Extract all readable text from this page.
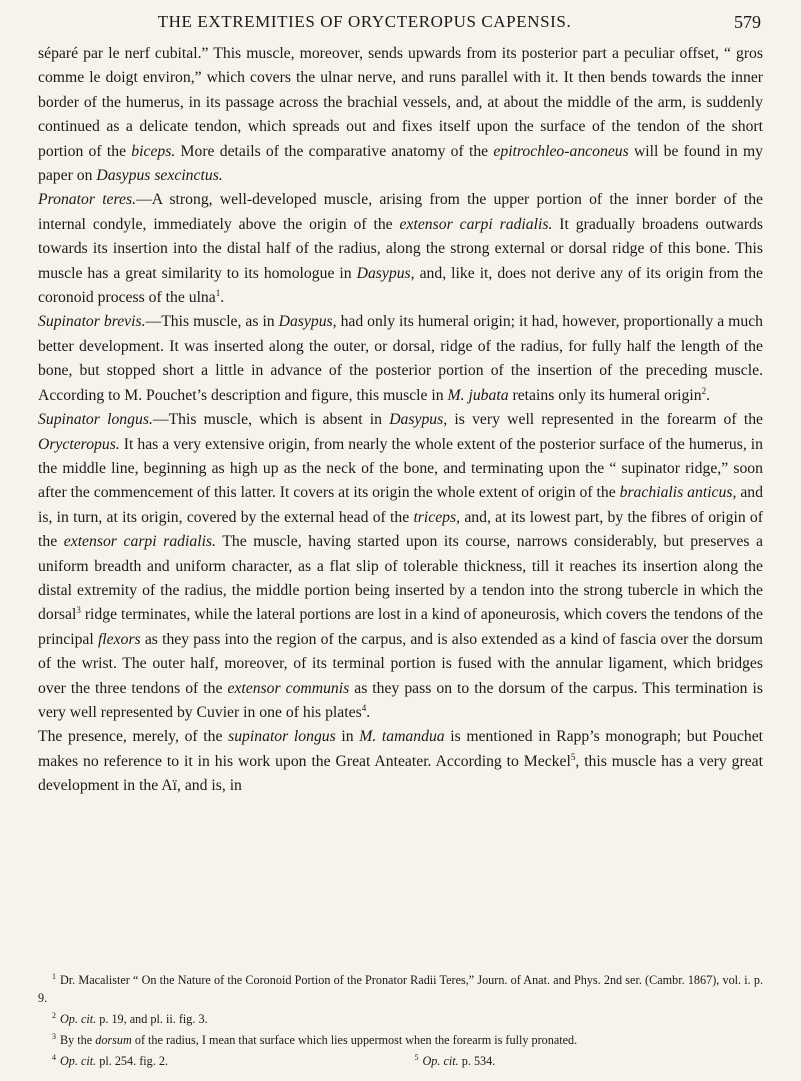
THE EXTREMITIES OF ORYCTEROPUS CAPENSIS.	579

séparé par le nerf cubital.” This muscle, moreover, sends upwards from its posterior part a peculiar offset, “ gros comme le doigt environ,” which covers the ulnar nerve, and runs parallel with it. It then bends towards the inner border of the humerus, in its passage across the brachial vessels, and, at about the middle of the arm, is suddenly continued as a delicate tendon, which spreads out and fixes itself upon the surface of the tendon of the short portion of the biceps. More details of the comparative anatomy of the epitrochleo-anconeus will be found in my paper on Dasypus sexcinctus.

Pronator teres.—A strong, well-developed muscle, arising from the upper portion of the inner border of the internal condyle, immediately above the origin of the extensor carpi radialis. It gradually broadens outwards towards its insertion into the distal half of the radius, along the strong external or dorsal ridge of this bone. This muscle has a great similarity to its homologue in Dasypus, and, like it, does not derive any of its origin from the coronoid process of the ulna$^1$.

Supinator brevis.—This muscle, as in Dasypus, had only its humeral origin; it had, however, proportionally a much better development. It was inserted along the outer, or dorsal, ridge of the radius, for fully half the length of the bone, but stopped short a little in advance of the posterior portion of the insertion of the preceding muscle. According to M. Pouchet’s description and figure, this muscle in M. jubata retains only its humeral origin$^2$.

Supinator longus.—This muscle, which is absent in Dasypus, is very well represented in the forearm of the Orycteropus. It has a very extensive origin, from nearly the whole extent of the posterior surface of the humerus, in the middle line, beginning as high up as the neck of the bone, and terminating upon the “ supinator ridge,” soon after the commencement of this latter. It covers at its origin the whole extent of origin of the brachialis anticus, and is, in turn, at its origin, covered by the external head of the triceps, and, at its lowest part, by the fibres of origin of the extensor carpi radialis. The muscle, having started upon its course, narrows considerably, but preserves a uniform breadth and uniform character, as a flat slip of tolerable thickness, till it reaches its insertion along the distal extremity of the radius, the middle portion being inserted by a tendon into the strong tubercle in which the dorsal$^3$ ridge terminates, while the lateral portions are lost in a kind of aponeurosis, which covers the tendons of the principal flexors as they pass into the region of the carpus, and is also extended as a kind of fascia over the dorsum of the wrist. The outer half, moreover, of its terminal portion is fused with the annular ligament, which bridges over the three tendons of the extensor communis as they pass on to the dorsum of the carpus. This termination is very well represented by Cuvier in one of his plates$^4$.

The presence, merely, of the supinator longus in M. tamandua is mentioned in Rapp’s monograph; but Pouchet makes no reference to it in his work upon the Great Anteater. According to Meckel$^5$, this muscle has a very great development in the Aï, and is, in

$^1$ Dr. Macalister “ On the Nature of the Coronoid Portion of the Pronator Radii Teres,” Journ. of Anat. and Phys. 2nd ser. (Cambr. 1867), vol. i. p. 9.

$^2$ Op. cit. p. 19, and pl. ii. fig. 3.

$^3$ By the dorsum of the radius, I mean that surface which lies uppermost when the forearm is fully pronated.

$^4$ Op. cit. pl. 254. fig. 2.	$^5$ Op. cit. p. 534.
